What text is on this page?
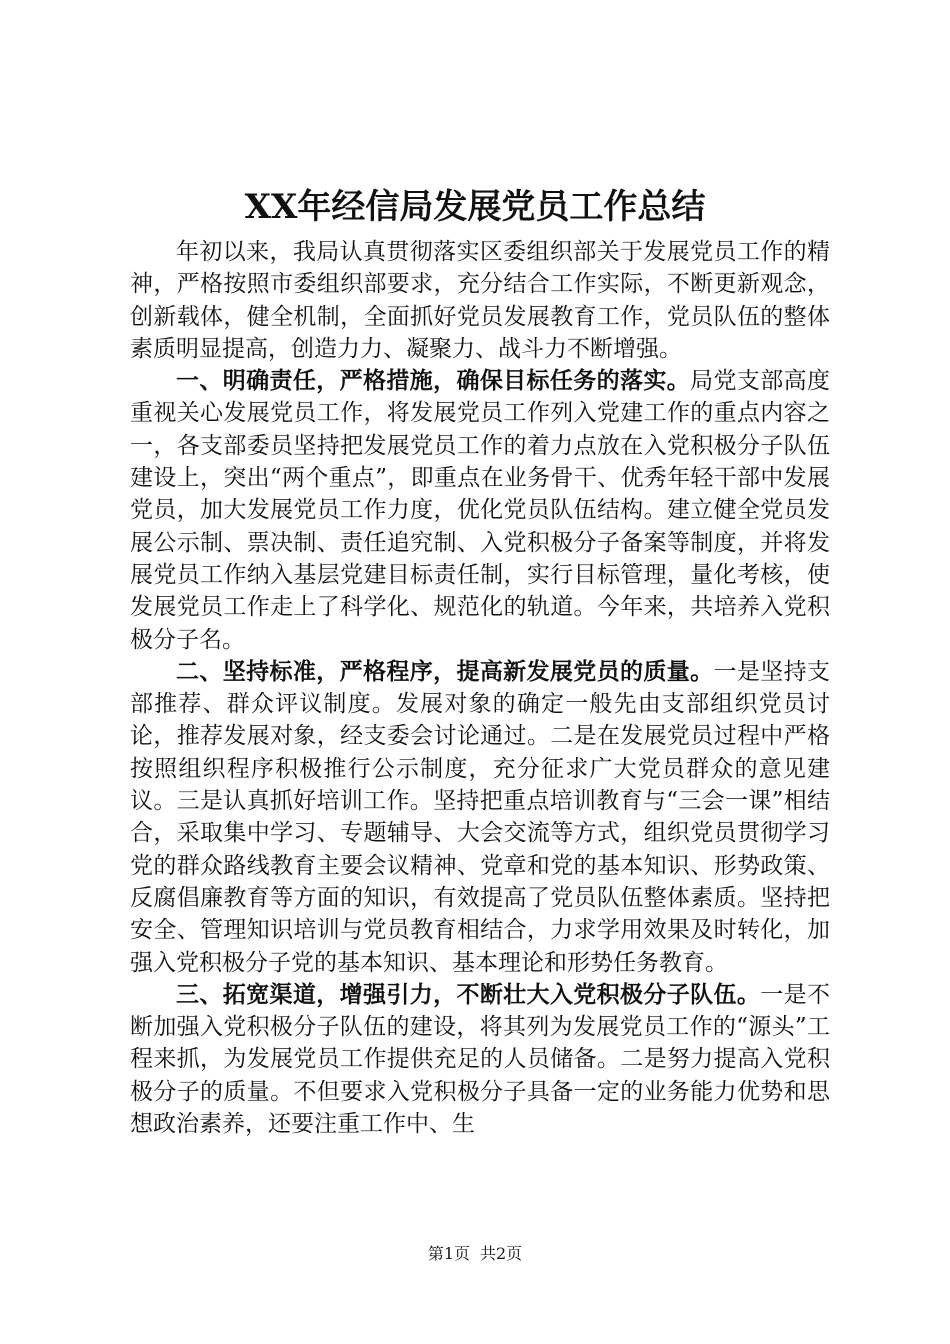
XX年经信局发展党员工作总结

年初以来，我局认真贯彻落实区委组织部关于发展党员工作的精神，严格按照市委组织部要求，充分结合工作实际，不断更新观念，创新载体，健全机制，全面抓好党员发展教育工作，党员队伍的整体素质明显提高，创造力力、凝聚力、战斗力不断增强。

一、明确责任，严格措施，确保目标任务的落实。局党支部高度重视关心发展党员工作，将发展党员工作列入党建工作的重点内容之一，各支部委员坚持把发展党员工作的着力点放在入党积极分子队伍建设上，突出“两个重点”，即重点在业务骨干、优秀年轻干部中发展党员，加大发展党员工作力度，优化党员队伍结构。建立健全党员发展公示制、票决制、责任追究制、入党积极分子备案等制度，并将发展党员工作纳入基层党建目标责任制，实行目标管理，量化考核，使发展党员工作走上了科学化、规范化的轨道。今年来，共培养入党积极分子名。

二、坚持标准，严格程序，提高新发展党员的质量。一是坚持支部推荐、群众评议制度。发展对象的确定一般先由支部组织党员讨论，推荐发展对象，经支委会讨论通过。二是在发展党员过程中严格按照组织程序积极推行公示制度，充分征求广大党员群众的意见建议。三是认真抓好培训工作。坚持把重点培训教育与“三会一课”相结合，采取集中学习、专题辅导、大会交流等方式，组织党员贯彻学习党的群众路线教育主要会议精神、党章和党的基本知识、形势政策、反腐倡廉教育等方面的知识，有效提高了党员队伍整体素质。坚持把安全、管理知识培训与党员教育相结合，力求学用效果及时转化，加强入党积极分子党的基本知识、基本理论和形势任务教育。

三、拓宽渠道，增强引力，不断壮大入党积极分子队伍。一是不断加强入党积极分子队伍的建设，将其列为发展党员工作的“源头”工程来抓，为发展党员工作提供充足的人员储备。二是努力提高入党积极分子的质量。不但要求入党积极分子具备一定的业务能力优势和思想政治素养，还要注重工作中、生

第1页 共2页
